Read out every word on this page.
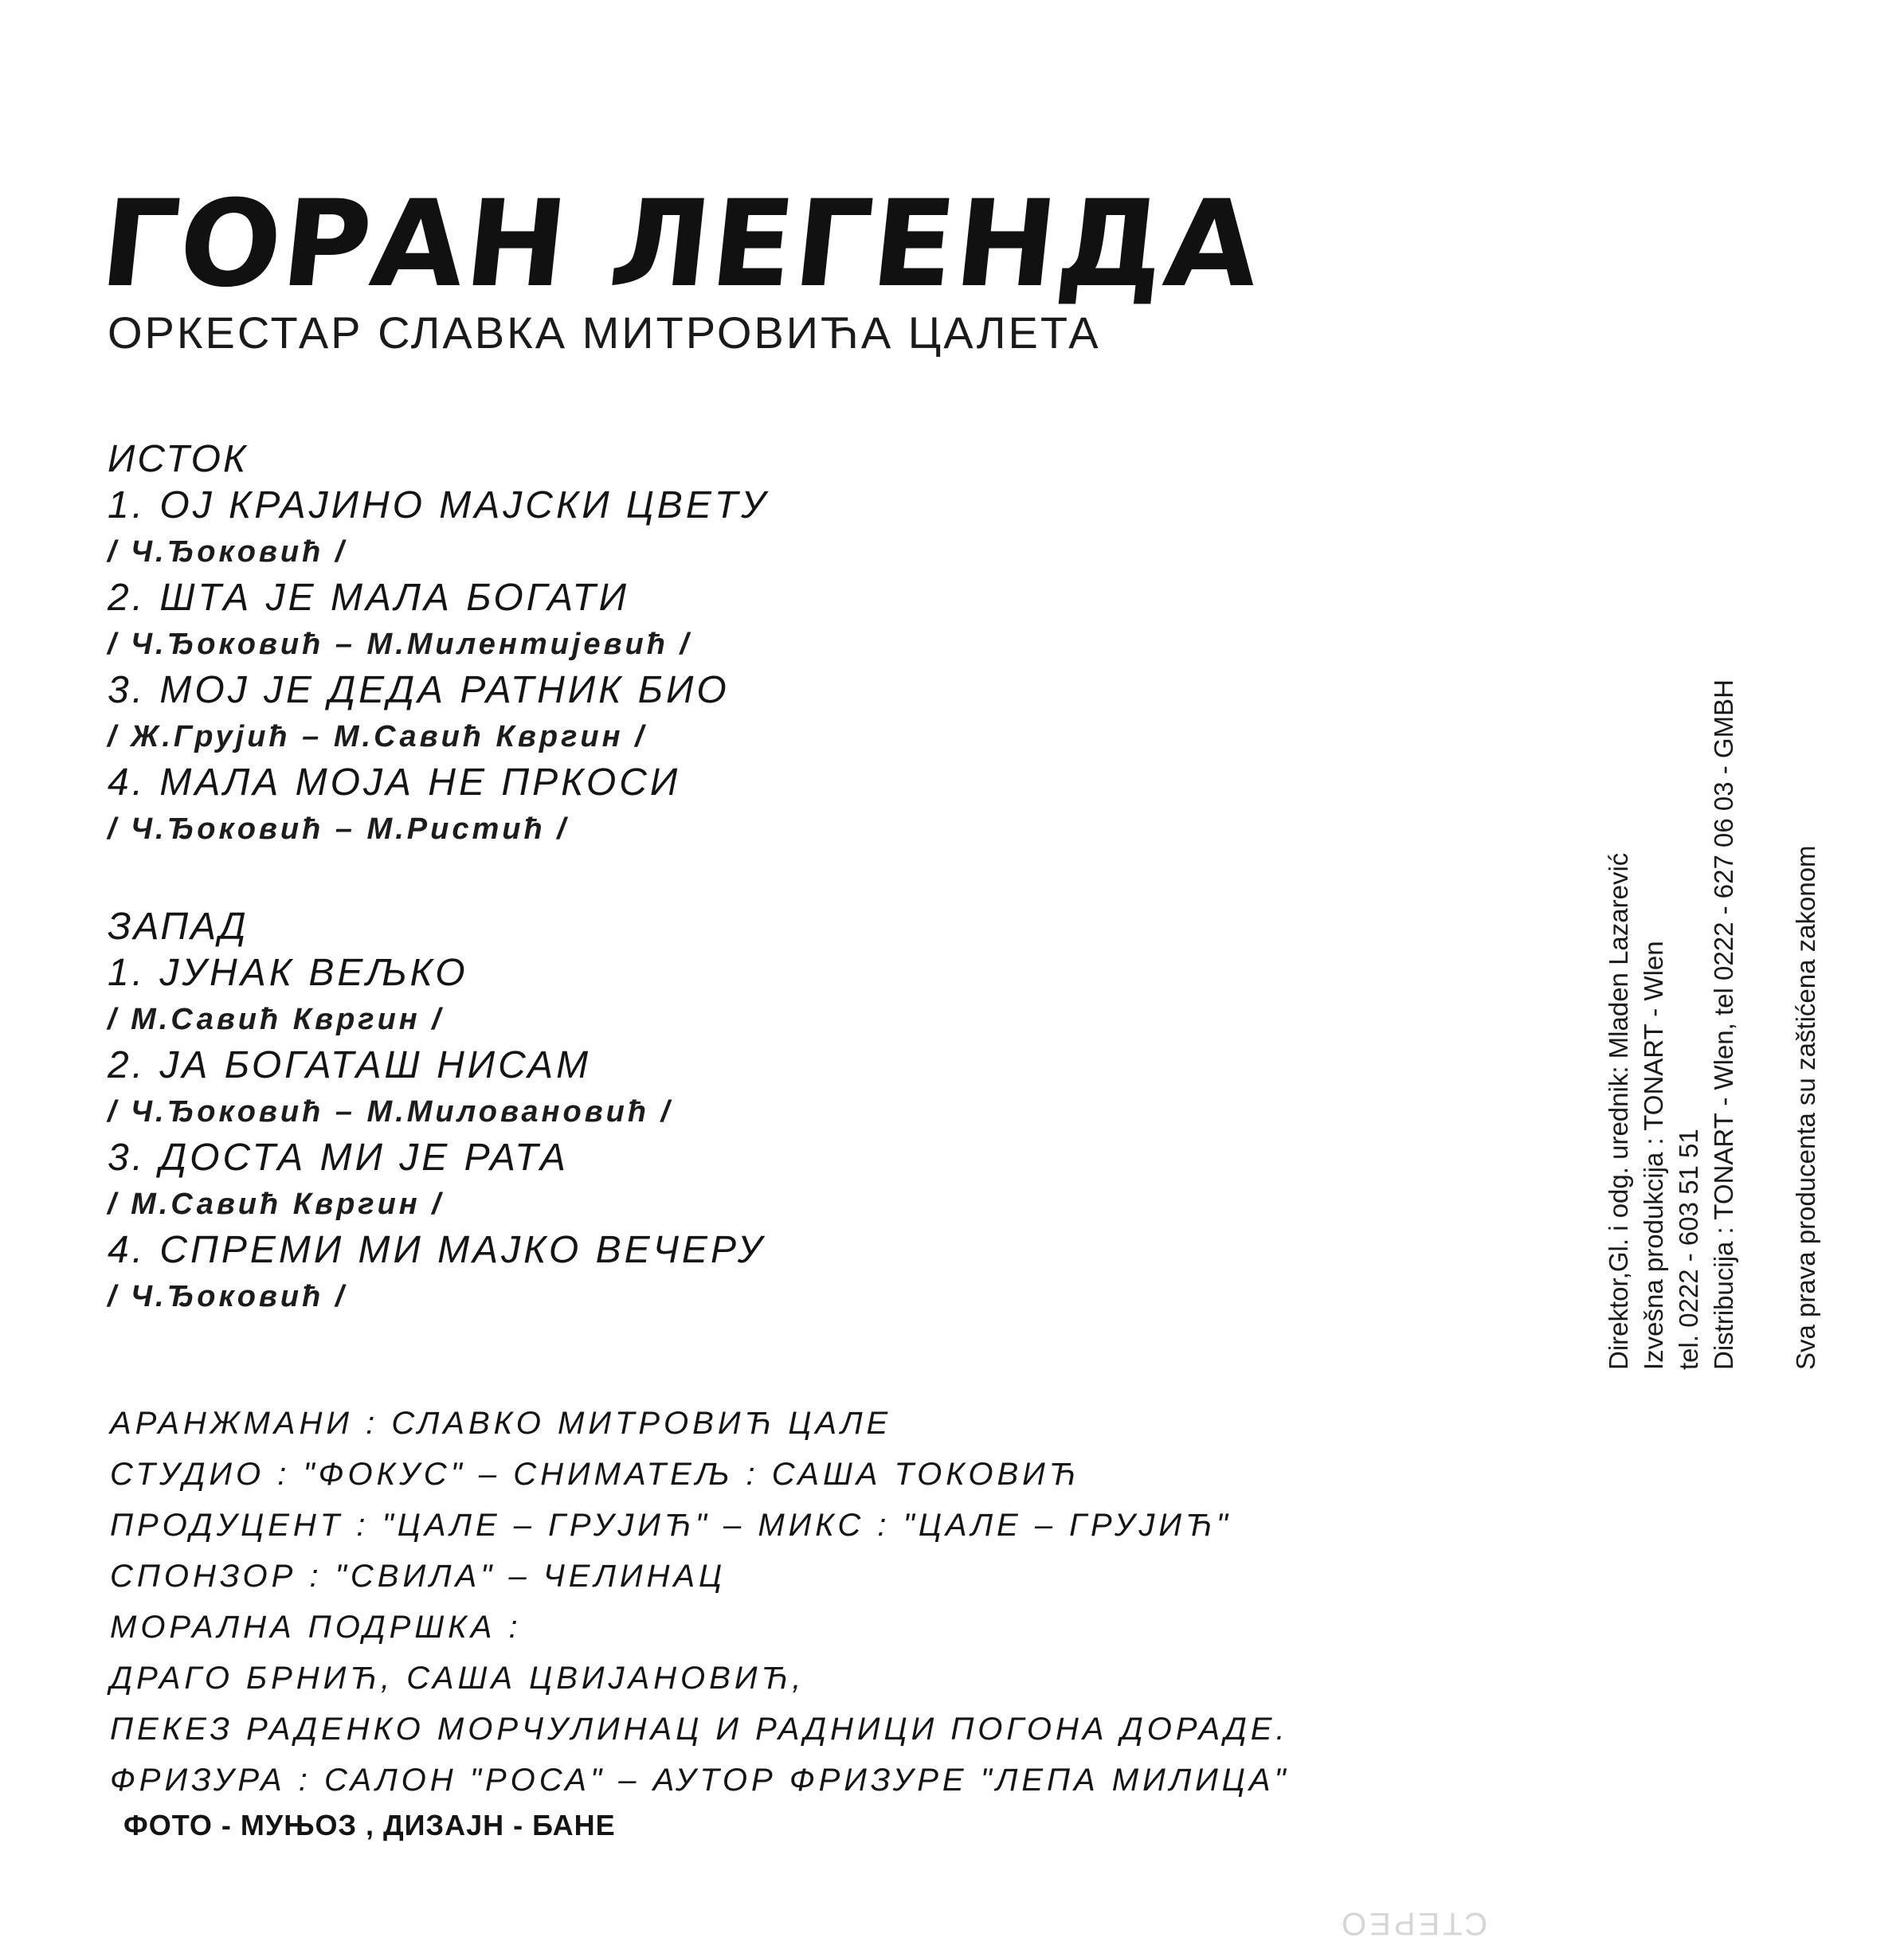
ГОРАН ЛЕГЕНДА
ОРКЕСТАР СЛАВКА МИТРОВИЋА ЦАЛЕТА
ИСТОК
1. OJ КРАЈИНО МАЈСКИ ЦВЕТУ
/ Ч.Ђоковић /
2. ШТА ЈЕ МАЛА БОГАТИ
/ Ч.Ђоковић – М.Милентијевић /
3. МОЈ ЈЕ ДЕДА РАТНИК БИО
/ Ж.Грујић – М.Савић Квргин /
4. МАЛА МОЈА НЕ ПРКОСИ
/ Ч.Ђоковић – М.Ристић /
ЗАПАД
1. ЈУНАК ВЕЉКО
/ М.Савић Квргин /
2. ЈА БОГАТАШ НИСАМ
/ Ч.Ђоковић – М.Миловановић /
3. ДОСТА МИ ЈЕ РАТА
/ М.Савић Квргин /
4. СПРЕМИ МИ МАЈКО ВЕЧЕРУ
/ Ч.Ђоковић /
АРАНЖМАНИ : СЛАВКО МИТРОВИЋ ЦАЛЕ
СТУДИО : "ФОКУС" – СНИМАТЕЉ : САША ТОКОВИЋ
ПРОДУЦЕНТ : "ЦАЛЕ – ГРУЈИЋ" – МИКС : "ЦАЛЕ – ГРУЈИЋ"
СПОНЗОР : "СВИЛА" – ЧЕЛИНАЦ
МОРАЛНА ПОДРШКА :
ДРАГО БРНИЋ, САША ЦВИЈАНОВИЋ,
ПЕКЕЗ РАДЕНКО МОРЧУЛИНАЦ И РАДНИЦИ ПОГОНА ДОРАДЕ.
ФРИЗУРА : САЛОН "РОСА" – АУТОР ФРИЗУРЕ "ЛЕПА МИЛИЦА"
ФОТО - МУЊОЗ , ДИЗАЈН - БАНЕ
Direktor,Gl. i odg. urednik: Mladen Lazarević Izvešna produkcija : TONART - Wlen tel. 0222 - 603 51 51 Distribucija : TONART - Wlen, tel 0222 - 627 06 03 - GMBH Sva prava producenta su zaštićena zakonom
СТЕРЕО
